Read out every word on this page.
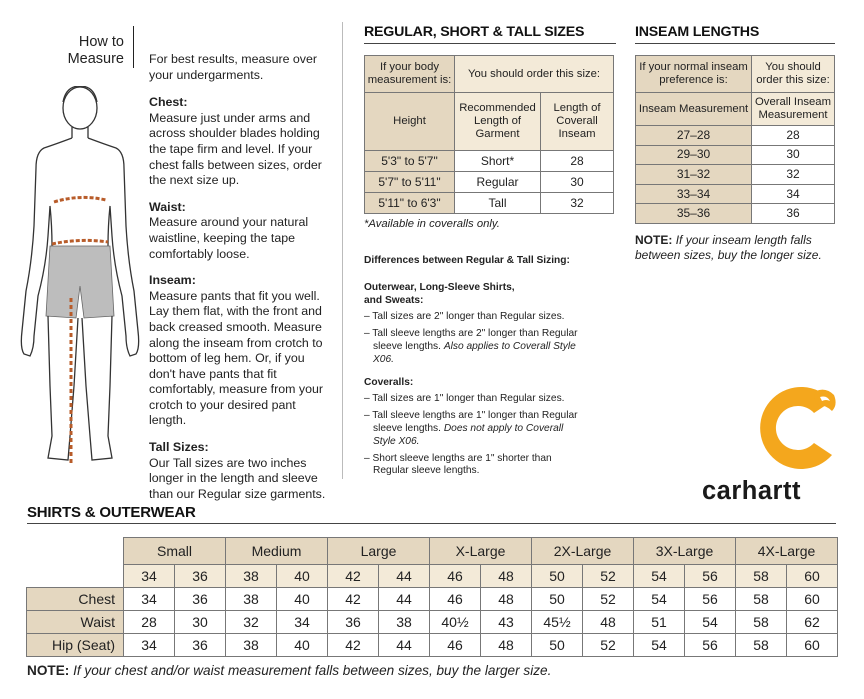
How to
Measure For best results, measure over your undergarments.
Chest:
Measure just under arms and across shoulder blades holding the tape firm and level. If your chest falls between sizes, order the next size up.
Waist:
Measure around your natural waistline, keeping the tape comfortably loose.
Inseam:
Measure pants that fit you well. Lay them flat, with the front and back creased smooth. Measure along the inseam from crotch to bottom of leg hem. Or, if you don't have pants that fit comfortably, measure from your crotch to your desired pant length.
Tall Sizes:
Our Tall sizes are two inches longer in the length and sleeve than our Regular size garments.
REGULAR, SHORT & TALL SIZES
If your body measurement is:	You should order this size:	
Height	Recommended Length of Garment	Length of Coverall Inseam
5'3" to 5'7"	Short*	28
5'7" to 5'11"	Regular	30
5'11" to 6'3"	Tall	32
*Available in coveralls only.
Differences between Regular & Tall Sizing:
Outerwear, Long-Sleeve Shirts,
and Sweats:
– Tall sizes are 2" longer than Regular sizes.
– Tall sleeve lengths are 2" longer than Regular sleeve lengths. Also applies to Coverall Style X06.
Coveralls:
– Tall sizes are 1" longer than Regular sizes.
– Tall sleeve lengths are 1" longer than Regular sleeve lengths. Does not apply to Coverall Style X06.
– Short sleeve lengths are 1" shorter than Regular sleeve lengths.
INSEAM LENGTHS
If your normal inseam preference is:	You should order this size:
Inseam Measurement	Overall Inseam Measurement
27–28	28
29–30	30
31–32	32
33–34	34
35–36	36
NOTE: If your inseam length falls between sizes, buy the longer size.
carhartt
SHIRTS & OUTERWEAR
	Small		Medium		Large		X-Large		2X-Large		3X-Large		4X-Large	
	34	36	38	40	42	44	46	48	50	52	54	56	58	60
Chest	34	36	38	40	42	44	46	48	50	52	54	56	58	60
Waist	28	30	32	34	36	38	40½	43	45½	48	51	54	58	62
Hip (Seat)	34	36	38	40	42	44	46	48	50	52	54	56	58	60
NOTE: If your chest and/or waist measurement falls between sizes, buy the larger size.
